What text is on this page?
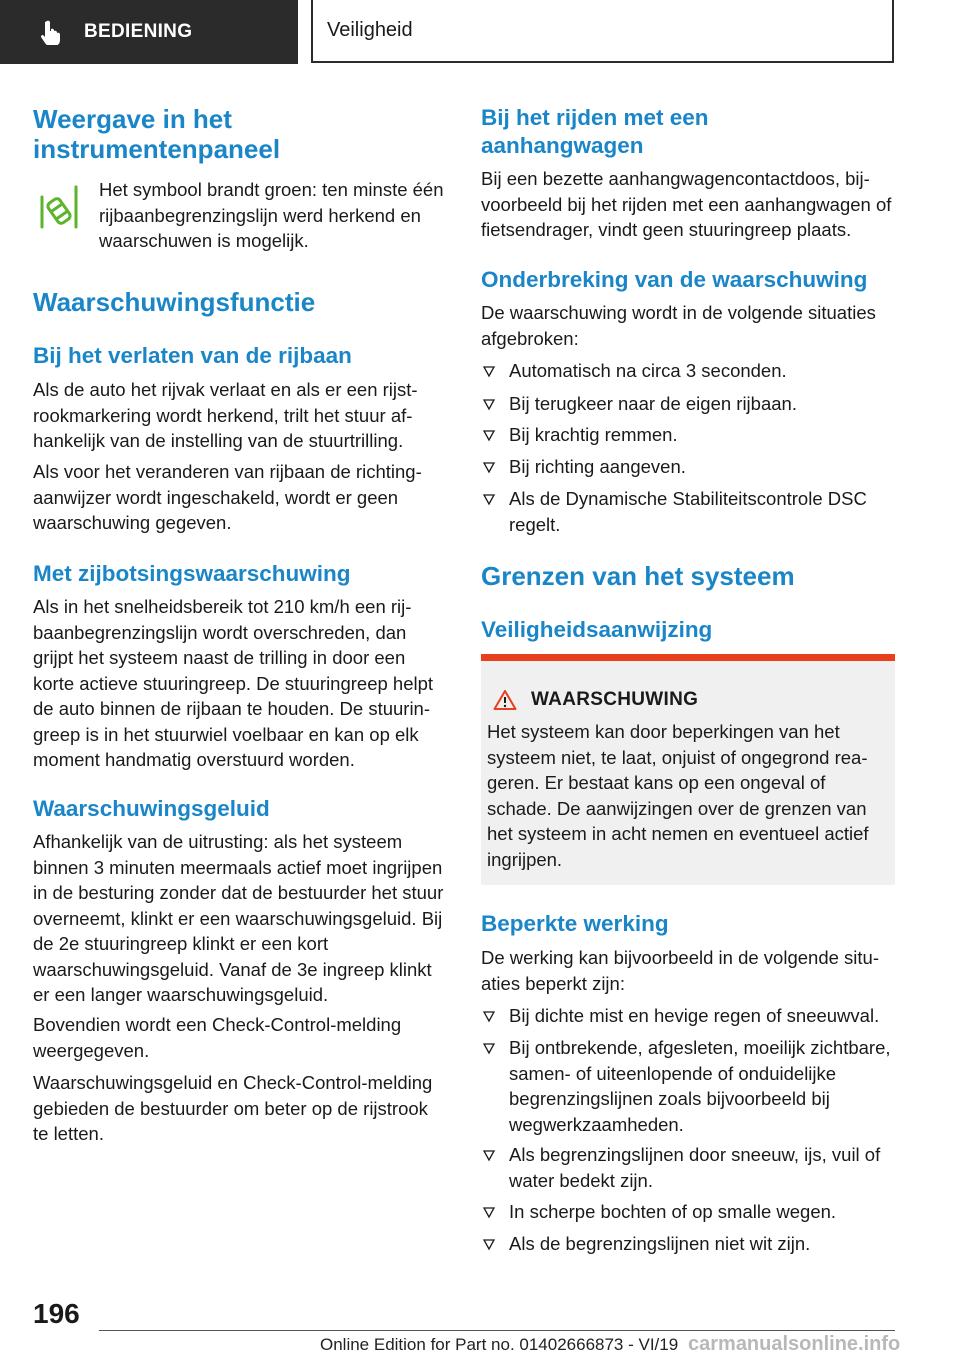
BEDIENING	Veiligheid
Weergave in het instrumentenpaneel

Het symbool brandt groen: ten minste één rijbaanbegrenzingslijn werd herkend en waarschuwen is mogelijk.

Waarschuwingsfunctie
Bij het verlaten van de rijbaan

Als de auto het rijvak verlaat en als er een rijstrookmarkering wordt herkend, trilt het stuur afhankelijk van de instelling van de stuurtrilling.

Als voor het veranderen van rijbaan de richtingaanwijzer wordt ingeschakeld, wordt er geen waarschuwing gegeven.

Met zijbotsingswaarschuwing

Als in het snelheidsbereik tot 210 km/h een rijbaanbegrenzingslijn wordt overschreden, dan grijpt het systeem naast de trilling in door een korte actieve stuuringreep. De stuuringreep helpt de auto binnen de rijbaan te houden. De stuuringreep is in het stuurwiel voelbaar en kan op elk moment handmatig overstuurd worden.

Waarschuwingsgeluid

Afhankelijk van de uitrusting: als het systeem binnen 3 minuten meermaals actief moet ingrijpen in de besturing zonder dat de bestuurder het stuur overneemt, klinkt er een waarschuwingsgeluid. Bij de 2e stuuringreep klinkt er een kort waarschuwingsgeluid. Vanaf de 3e ingreep klinkt er een langer waarschuwingsgeluid.

Bovendien wordt een Check-Control-melding weergegeven.

Waarschuwingsgeluid en Check-Control-melding gebieden de bestuurder om beter op de rijstrook te letten.

Bij het rijden met een aanhangwagen

Bij een bezette aanhangwagencontactdoos, bijvoorbeeld bij het rijden met een aanhangwagen of fietsendrager, vindt geen stuuringreep plaats.

Onderbreking van de waarschuwing

De waarschuwing wordt in de volgende situaties afgebroken:

Automatisch na circa 3 seconden.
Bij terugkeer naar de eigen rijbaan.
Bij krachtig remmen.
Bij richting aangeven.
Als de Dynamische Stabiliteitscontrole DSC regelt.
Grenzen van het systeem
Veiligheidsaanwijzing
Beperkte werking

De werking kan bijvoorbeeld in de volgende situaties beperkt zijn:

Bij dichte mist en hevige regen of sneeuwval.
Bij ontbrekende, afgesleten, moeilijk zichtbare, samen- of uiteenlopende of onduidelijke begrenzingslijnen zoals bijvoorbeeld bij wegwerkzaamheden.
Als begrenzingslijnen door sneeuw, ijs, vuil of water bedekt zijn.
In scherpe bochten of op smalle wegen.
Als de begrenzingslijnen niet wit zijn.
WAARSCHUWING

Het systeem kan door beperkingen van het systeem niet, te laat, onjuist of ongegrond reageren. Er bestaat kans op een ongeval of schade. De aanwijzingen over de grenzen van het systeem in acht nemen en eventueel actief ingrijpen.

196
Online Edition for Part no. 01402666873 - VI/19 carmanualsonline.info
